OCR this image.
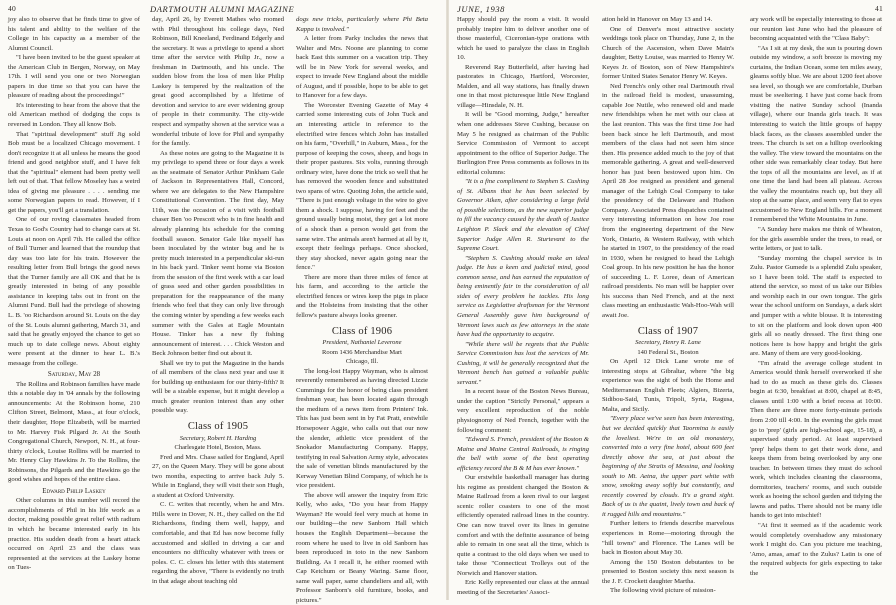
40	DARTMOUTH ALUMNI MAGAZINE

joy also to observe that he finds time to give of his talent and ability to the welfare of the College in his capacity as a member of the Alumni Council.

"I have been invited to be the guest speaker at the American Club in Bergen, Norway, on May 17th. I will send you one or two Norwegian papers in due time so that you can have the pleasure of reading about the proceedings!"

It's interesting to hear from the above that the old American method of dodging the cops is reversed in London. They all know Bob.

That "spiritual development" stuff Jig sold Bob must be a localized Chicago movement. I don't recognize it at all unless he means the good friend and good neighbor stuff, and I have felt that the "spiritual" element had been pretty well left out of that. That fellow Moseley has a weird idea of giving me pleasure . . . . sending me some Norwegian papers to read. However, if I get the papers, you'll get a translation.

One of our roving classmates headed from Texas to God's Country had to change cars at St. Louis at noon on April 7th. He called the office of Bull Turner and learned that the roundup that day was too late for his train. However the resulting letter from Bull brings the good news that the Turner family are all OK and that he is greatly interested in being of any possible assistance in keeping tabs out in front on the Alumni Fund. Bull had the privilege of showing L. B. 'oo Richardson around St. Louis on the day of the St. Louis alumni gathering, March 31, and said that he greatly enjoyed the chance to get so much up to date college news. About eighty were present at the dinner to hear L. B.'s message from the college.

Saturday, May 28

The Rollins and Robinson families have made this a notable day in '04 annals by the following announcements: At the Robinson home, 210 Clifton Street, Belmont, Mass., at four o'clock, their daughter, Hope Elizabeth, will be married to Mr. Harvey Fisk Pilgard Jr. At the South Congregational Church, Newport, N. H., at four-thirty o'clock, Louise Rollins will be married to Mr. Henry Clay Hawkins Jr. To the Rollins, the Robinsons, the Pilgards and the Hawkins go the good wishes and hopes of the entire class.

Edward Philip Laskey

Other columns in this number will record the accomplishments of Phil in his life work as a doctor, making possible great relief with radium in which he became interested early in his practice. His sudden death from a heart attack occurred on April 23 and the class was represented at the services at the Laskey home on Tues-

day, April 26, by Everett Mathes who roomed with Phil throughout his college days, Ned Robinson, Bill Kneeland, Ferdinand Edgerly and the secretary. It was a privilege to spend a short time after the service with Philip Jr., now a freshman in Dartmouth, and his uncle. The sudden blow from the loss of men like Philip Laskey is tempered by the realization of the great good accomplished by a lifetime of devotion and service to are ever widening group of people in their community. The city-wide respect and sympathy shown at the service was a wonderful tribute of love for Phil and sympathy for the family.

As these notes are going to the Magazine it is my privilege to spend three or four days a week as the seatmate of Senator Arthur Pinkham Gale of Jackson in Representatives Hall, Concord, where we are delegates to the New Hampshire Constitutional Convention. The first day, May 11th, was the occasion of a visit with football chaser Ben 'oo Prescott who is in fine health and already planning his schedule for the coming football season. Senator Gale like myself has been inoculated by the winter bug and he is pretty much interested in a perpendicular ski-run in his back yard. Tinker went home via Boston from the session of the first week with a car load of grass seed and other garden possibilities in preparation for the reappearance of the many friends who feel that they can only live through the coming winter by spending a few weeks each summer with the Gales at Eagle Mountain House. Tinker has a new fly fishing announcement of interest. . . . Chick Weston and Beck Johnson better find out about it.

Shall we try to put the Magazine in the hands of all members of the class next year and use it for building up enthusiasm for our thirty-fifth? It will be a sizable expense, but it might develop a much greater reunion interest than any other possible way.

Class of 1905

Secretary, Robert H. Harding

Charlesgate Hotel, Boston, Mass.

Fred and Mrs. Chase sailed for England, April 27, on the Queen Mary. They will be gone about two months, expecting to arrive back July 5. While in England, they will visit their son Hugh, a student at Oxford University.

C. C. writes that recently, when he and Mrs. Hills were in Dover, N. H., they called on the Ed Richardsons, finding them well, happy, and comfortable, and that Ed has now become fully accustomed and skilled in driving a car and encounters no difficulty whatever with trees or poles. C. C. closes his letter with this statement regarding the above, "There is evidently no truth in that adage about teaching old

dogs new tricks, particularly where Phi Beta Kappa is involved."

A letter from Parky includes the news that Walter and Mrs. Noone are planning to come back East this summer on a vacation trip. They will be in New York for several weeks, and expect to invade New England about the middle of August, and if possible, hope to be able to get to Hanover for a few days.

The Worcester Evening Gazette of May 4 carried some interesting cuts of John Tuck and an interesting article in reference to the electrified wire fences which John has installed on his farm, "Overhill," in Auburn, Mass., for the purpose of keeping the cows, sheep, and hogs in their proper pastures. Six volts, running through ordinary wire, have done the trick so well that he has removed the wooden fence and substituted two spans of wire. Quoting John, the article said, "There is just enough voltage in the wire to give them a shock. I suppose, having for feet and the ground usually being moist, they get a lot more of a shock than a person would get from the same wire. The animals aren't harmed at all by it, except their feelings perhaps. Once shocked, they stay shocked, never again going near the fence."

There are more than three miles of fence at his farm, and according to the article the electrified fences or wires keep the pigs in place and the Holsteins from insisting that the other fellow's pasture always looks greener.

Class of 1906

President, Nathaniel Leverone

Room 1436 Merchandise Mart

Chicago, Ill.

The long-lost Happy Wayman, who is almost reverently remembered as having directed Lizzie Cummings for the honor of being class president freshman year, has been located again through the medium of a news item from Printers' Ink. This has just been sent in by Fat Pratt, erstwhile Horsepower Aggie, who calls out that our now the slender, athletic vice president of the Snokador Manufacturing Company. Happy, testifying in real Salvation Army style, advocates the sale of venetian blinds manufactured by the Kerway Venetian Blind Company, of which he is vice president.

The above will answer the inquiry from Eric Kelly, who asks, "Do you hear from Happy Wayman? He would feel very much at home in our building—the new Sanborn Hall which houses the English Department—because the room where he used to live in old Sanborn has been reproduced in toto in the new Sanborn Building. As I recall it, he either roomed with Cap Ketchum or Beany Waring. Same floor, same wall paper, same chandeliers and all, with Professor Sanborn's old furniture, books, and pictures."

JUNE, 1938	41

Happy should pay the room a visit. It would probably inspire him to deliver another one of those masterful, Ciceronian-type orations with which he used to paralyze the class in English 10.

Reverend Ray Butterfield, after having had pastorates in Chicago, Hartford, Worcester, Malden, and all way stations, has finally drawn one in that most picturesque little New England village—Hinsdale, N. H.

It will be "Good morning, Judge," hereafter when one addresses Steve Cushing, because on May 5 he resigned as chairman of the Public Service Commission of Vermont to accept appointment to the office of Superior Judge. The Burlington Free Press comments as follows in its editorial columns:

"It is a fine compliment to Stephen S. Cushing of St. Albans that he has been selected by Governor Aiken, after considering a large field of possible selections, as the new superior judge to fill the vacancy caused by the death of Justice Leighton P. Slack and the elevation of Chief Superior Judge Allen R. Sturtevant to the Supreme Court.

"Stephen S. Cushing should make an ideal judge. He has a keen and judicial mind, good common sense, and has earned the reputation of being eminently fair in the consideration of all sides of every problem he tackles. His long service as Legislative draftsman for the Vermont General Assembly gave him background of Vermont laws such as few attorneys in the state have had the opportunity to acquire.

"While there will be regrets that the Public Service Commission has lost the services of Mr. Cushing, it will be generally recognized that the Vermont bench has gained a valuable public servant."

In a recent issue of the Boston News Bureau, under the caption "Strictly Personal," appears a very excellent reproduction of the noble physiognomy of Ned French, together with the following comment:

"Edward S. French, president of the Boston & Maine and Maine Central Railroads, is ringing the bell with some of the best operating efficiency record the B & M has ever known."

Our erstwhile basketball manager has during his regime as president changed the Boston & Maine Railroad from a keen rival to our largest scenic roller coasters to one of the most efficiently operated railroad lines in the country. One can now travel over its lines in genuine comfort and with the definite assurance of being able to remain in one seat all the time, which is quite a contrast to the old days when we used to take those "Connecticut Trolleys out of the Norwich and Hanover station.

Eric Kelly represented our class at the annual meeting of the Secretaries' Associ-

ation held in Hanover on May 13 and 14.

One of Denver's most attractive society weddings took place on Thursday, June 2, in the Church of the Ascension, when Dave Main's daughter, Betty Louise, was married to Henry W. Keyes Jr. of Boston, son of New Hampshire's former United States Senator Henry W. Keyes.

Ned French's only other real Dartmouth rival in the railroad field is modest, unassuming, capable Joe Nutile, who renewed old and made new friendships when he met with our class at the last reunion. This was the first time Joe had been back since he left Dartmouth, and most members of the class had not seen him since then. His presence added much to the joy of that memorable gathering. A great and well-deserved honor has just been bestowed upon him. On April 28 Joe resigned as president and general manager of the Lehigh Coal Company to take the presidency of the Delaware and Hudson Company. Associated Press dispatches contained very interesting information on how Joe rose from the engineering department of the New York, Ontario, & Western Railway, with which he started in 1907, to the presidency of the road in 1930, when he resigned to head the Lehigh Coal group. In his new position he has the honor of succeeding L. F. Loree, dean of American railroad presidents. No man will be happier over his success than Ned French, and at the next class meeting an enthusiastic Wah-Hoo-Wah will await Joe.

Class of 1907

Secretary, Henry R. Lane

140 Federal St., Boston

On April 12 Dick Lane wrote me of interesting stops at Gibraltar, where "the big experience was the sight of both the Home and Mediterranean English Fleets; Algiers, Bizerta, Sidibou-Said, Tunis, Tripoli, Syria, Ragusa, Malta, and Sicily.

"Every place we've seen has been interesting, but we decided quickly that Taormina is easily the loveliest. We're in an old monastery, converted into a very fine hotel, about 600 feet directly above the sea, at just about the beginning of the Straits of Messina, and looking south to Mt. Aetna, the upper part white with snow, smoking away softly but constantly, and recently covered by clouds. It's a grand sight. Back of us is the quaint, lively town and back of it rugged hills and mountains."

Further letters to friends describe marvelous experiences in Rome—motoring through the "hill towns" and Florence. The Lanes will be back in Boston about May 30.

Among the 150 Boston debutantes to be presented to Boston society this next season is the J. F. Crockett daughter Martha.

The following vivid picture of mission-

ary work will be especially interesting to those at our reunion last June who had the pleasure of becoming acquainted with the "Class Baby":

"As I sit at my desk, the sun is pouring down outside my window, a soft breeze is moving my curtains, the Indian Ocean, some ten miles away, gleams softly blue. We are about 1200 feet above sea level, so though we are comfortable, Durban must be sweltering. I have just come back from visiting the native Sunday school (Inanda village), where our Inanda girls teach. It was interesting to watch the little groups of happy black faces, as the classes assembled under the trees. The church is set on a hilltop overlooking the valley. The view toward the mountains on the other side was remarkably clear today. But here the tops of all the mountains are level, as if at one time the land had been all plateau. Across the valley the mountains reach up, but they all stop at the same place, and seem very flat to eyes accustomed to New England hills. For a moment I remembered the White Mountains in June.

"A Sunday here makes me think of Wheaton, for the girls assemble under the trees, to read, or write letters, or just to talk.

"Sunday morning the chapel service is in Zulu. Pastor Gumede is a splendid Zulu speaker, so I have been told. The staff is expected to attend the service, so most of us take our Bibles and worship each in our own tongue. The girls wear the school uniform on Sundays, a dark skirt and jumper with a white blouse. It is interesting to sit on the platform and look down upon 400 girls all so neatly dressed. The first thing one notices here is how happy and bright the girls are. Many of them are very good-looking.

"I'm afraid the average college student in America would think herself overworked if she had to do as much as these girls do. Classes begin at 6:30, breakfast at 8:00, chapel at 8:45, classes until 1:00 with a brief recess at 10:00. Then there are three more forty-minute periods from 2:00 till 4:00. In the evening the girls must go to 'prep' (girls are high-school age, 15-18), a supervised study period. At least supervised 'prep' helps them to get their work done, and keeps them from being overlooked by any one teacher. In between times they must do school work, which includes cleaning the classrooms, dormitories, teachers' rooms, and such outside work as hoeing the school garden and tidying the lawns and paths. There should not be many idle hands to get into mischief!

"At first it seemed as if the academic work would completely overshadow any missionary work I might do. Can you picture me teaching, 'Amo, amas, amat' to the Zulus? Latin is one of the required subjects for girls expecting to take the
